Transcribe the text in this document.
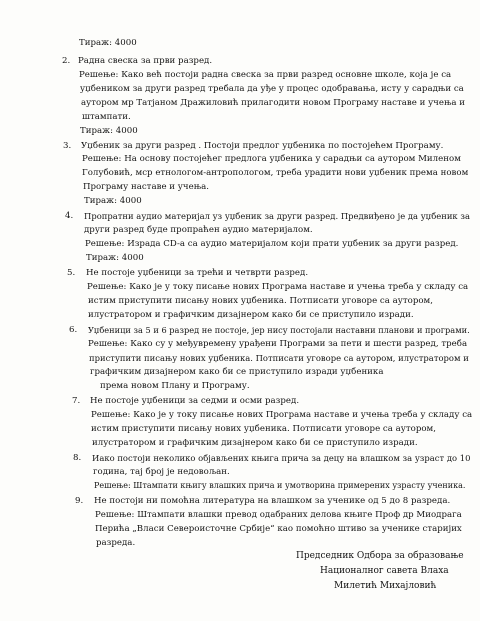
Тираж: 4000
2. Радна свеска за први разред.
Решење: Како већ постоји радна свеска за први разред основне школе, која је са
уџбеником за други разред требала да уђе у процес одобравања, исту у сарадњи са
аутором мр Татјаном Дражиловић прилагодити новом Програму наставе и учења и
штампати.
Тираж: 4000
3. Уџбеник за други разред . Постоји предлог уџбеника по постојећем Програму.
Решење: На основу постојећег предлога уџбеника у сарадњи са аутором Миленом
Голубовић, мср етнологом-антропологом, треба урадити нови уџбеник према новом
Програму наставе и учења.
Тираж: 4000
4. Пропратни аудио материјал уз уџбеник за други разред. Предвиђено је да уџбеник за
други разред буде пропраћен аудио материјалом.
Решење: Израда CD-a са аудио материјалом који прати уџбеник за други разред.
Тираж: 4000
5. Не постоје уџбеници за трећи и четврти разред.
Решење: Како је у току писање нових Програма наставе и учења треба у складу са
истим приступити писању нових уџбеника. Потписати уговоре са аутором,
илустратором и графичким дизајнером како би се приступило изради.
6. Уџбеници за 5 и 6 разред не постоје, јер нису постојали наставни планови и програми.
Решење: Како су у међувремену урађени Програми за пети и шести разред, треба
приступити писању нових уџбеника. Потписати уговоре са аутором, илустратором и
графичким дизајнером како би се приступило изради уџбеника
према новом Плану и Програму.
7. Не постоје уџбеници за седми и осми разред.
Решење: Како је у току писање нових Програма наставе и учења треба у складу са
истим приступити писању нових уџбеника. Потписати уговоре са аутором,
илустратором и графичким дизајнером како би се приступило изради.
8. Иако постоји неколико објављених књига прича за децу на влашком за узраст до 10
година, тај број је недовољан.
Решење: Штампати књигу влашких прича и умотворина примерених узрасту ученика.
9. Не постоји ни помоћна литература на влашком за ученике од 5 до 8 разреда.
Решење: Штампати влашки превод одабраних делова књиге Проф др Миодрага
Перића „Власи Североисточне Србије“ као помоћно штиво за ученике старијих
разреда.
Председник Одбора за образовање
Националног савета Влаха
Милетић Михајловић
